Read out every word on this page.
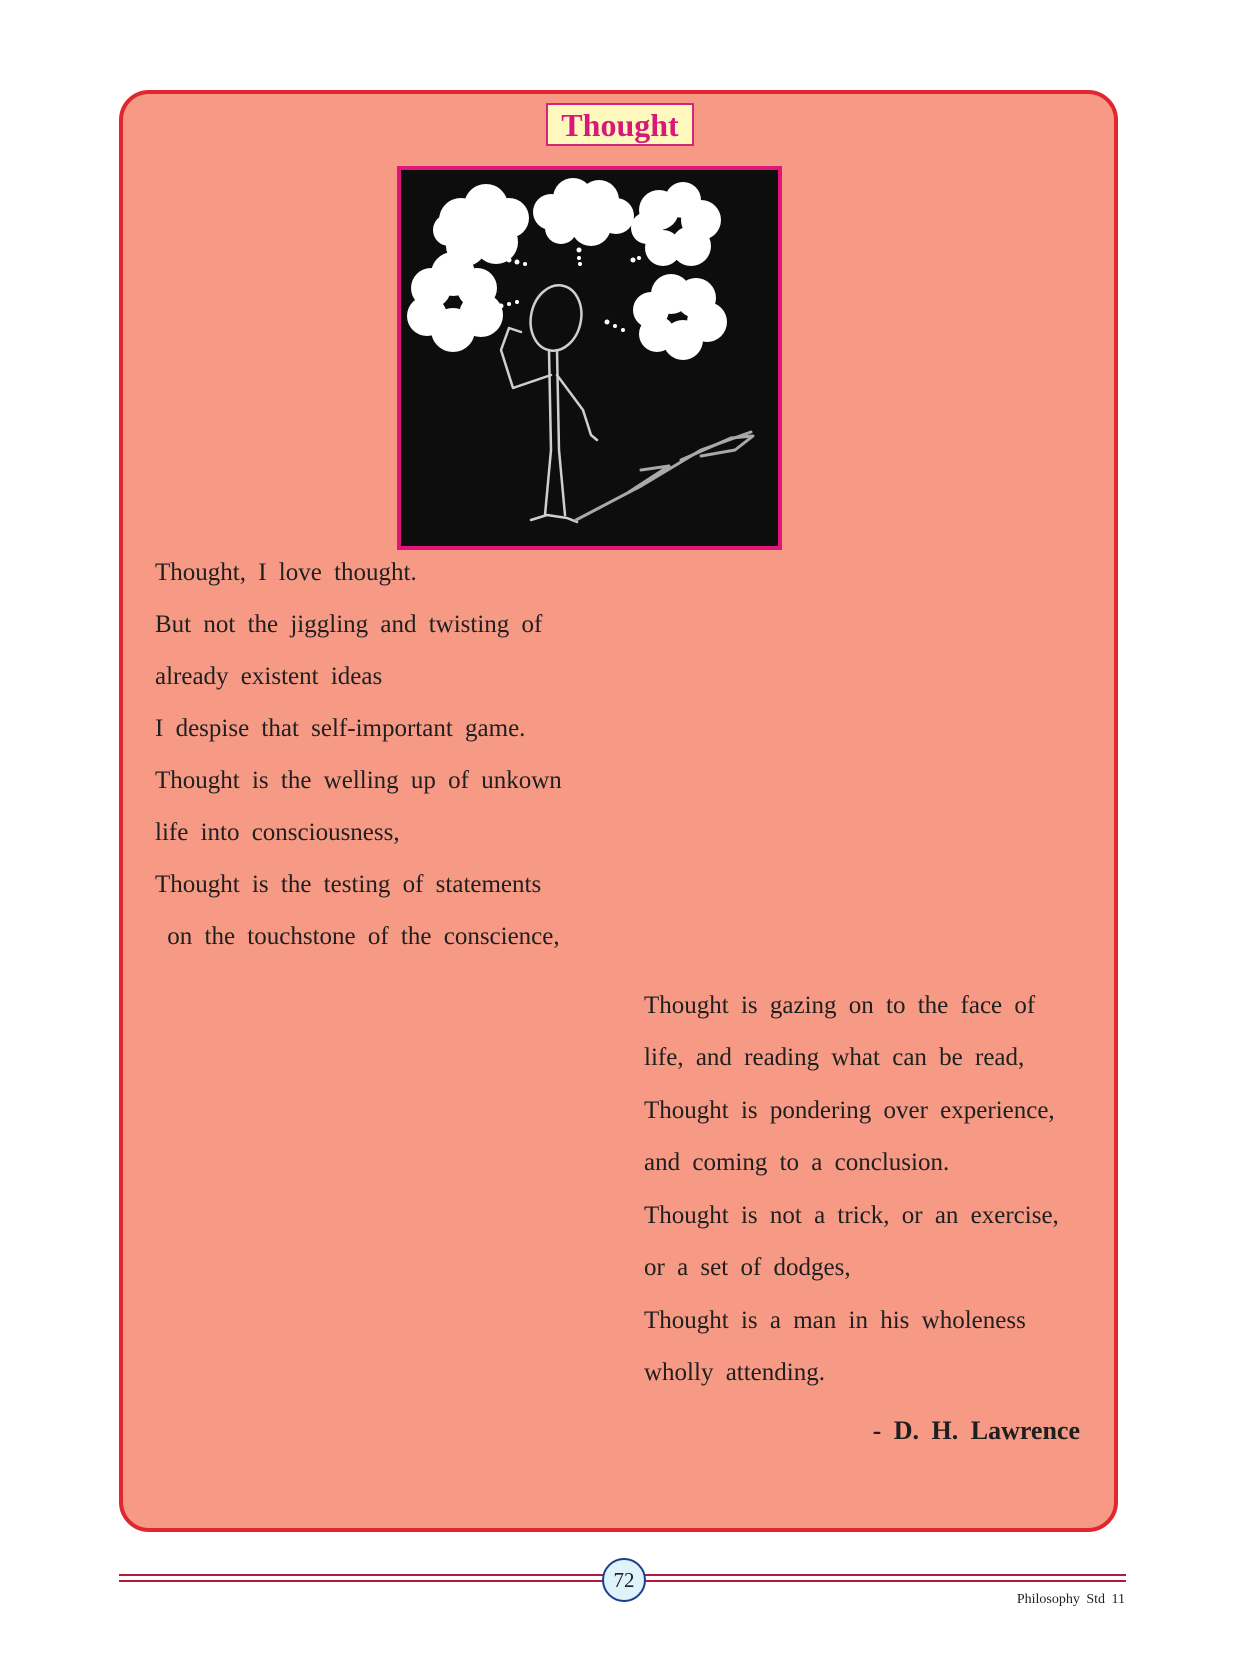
Thought
Thought, I love thought.
But not the jiggling and twisting of
already existent ideas
I despise that self-important game.
Thought is the welling up of unkown
life into consciousness,
Thought is the testing of statements
on the touchstone of the conscience,
Thought is gazing on to the face of
life, and reading what can be read,
Thought is pondering over experience,
and coming to a conclusion.
Thought is not a trick, or an exercise,
or a set of dodges,
Thought is a man in his wholeness
wholly attending.
- D. H. Lawrence
72
Philosophy Std 11
